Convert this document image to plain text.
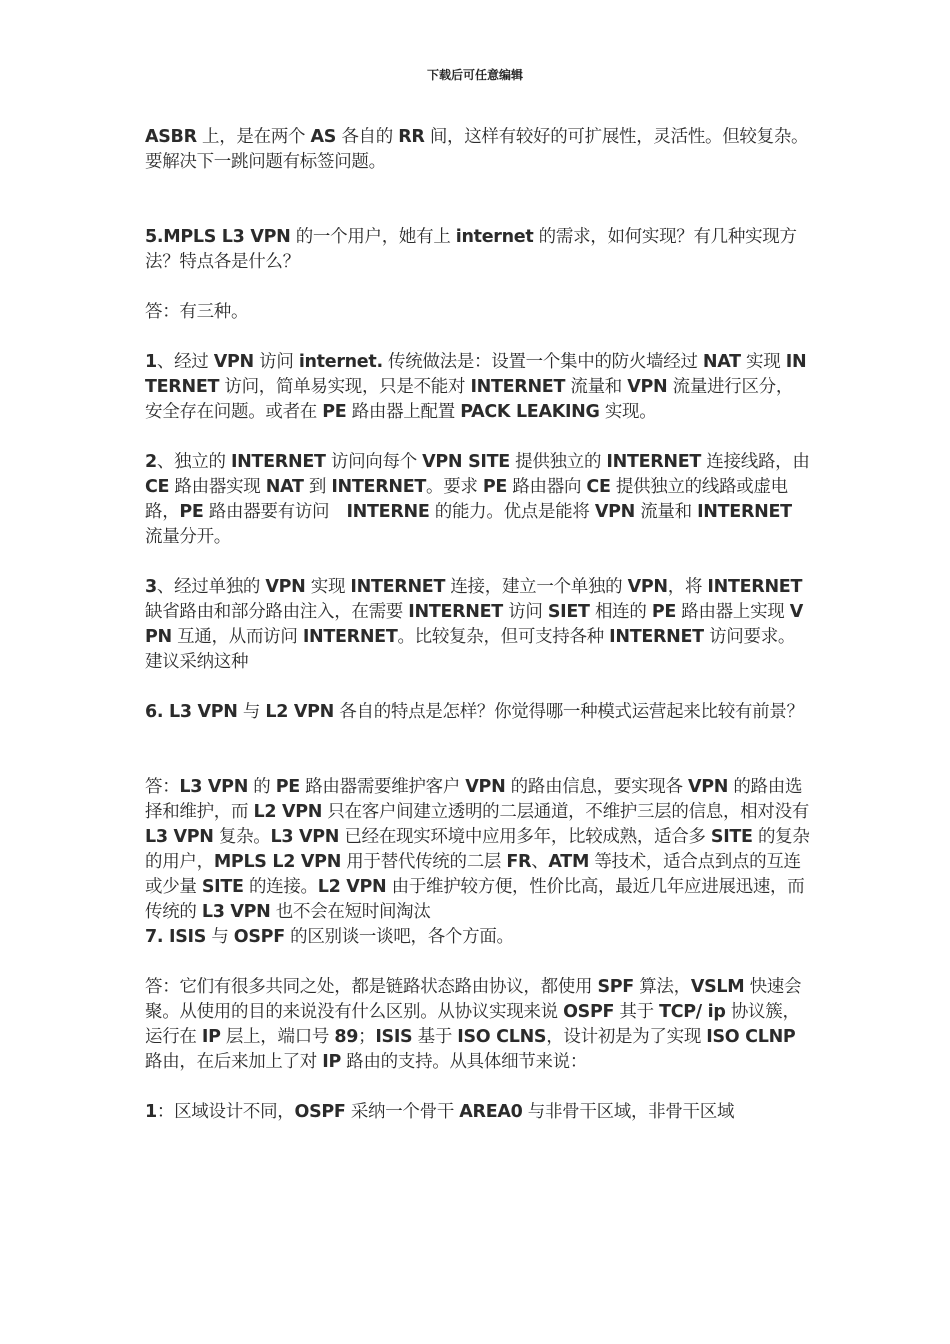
下载后可任意编辑

ASBR 上，是在两个 AS 各自的 RR 间，这样有较好的可扩展性，灵活性。但较复杂。要解决下一跳问题有标签问题。

5.MPLS L3 VPN 的一个用户，她有上 internet 的需求，如何实现？有几种实现方法？特点各是什么？

答：有三种。

1、经过 VPN 访问 internet. 传统做法是：设置一个集中的防火墙经过 NAT 实现 INTERNET 访问，简单易实现，只是不能对 INTERNET 流量和 VPN 流量进行区分，安全存在问题。或者在 PE 路由器上配置 PACK LEAKING 实现。

2、独立的 INTERNET 访问向每个 VPN SITE 提供独立的 INTERNET 连接线路，由 CE 路由器实现 NAT 到 INTERNET。要求 PE 路由器向 CE 提供独立的线路或虚电路，PE 路由器要有访问　INTERNE 的能力。优点是能将 VPN 流量和 INTERNET 流量分开。

3、经过单独的 VPN 实现 INTERNET 连接，建立一个单独的 VPN，将 INTERNET 缺省路由和部分路由注入，在需要 INTERNET 访问 SIET 相连的 PE 路由器上实现 VPN 互通，从而访问 INTERNET。比较复杂，但可支持各种 INTERNET 访问要求。建议采纳这种

6. L3 VPN 与 L2 VPN 各自的特点是怎样？你觉得哪一种模式运营起来比较有前景？

答：L3 VPN 的 PE 路由器需要维护客户 VPN 的路由信息，要实现各 VPN 的路由选择和维护，而 L2 VPN 只在客户间建立透明的二层通道，不维护三层的信息，相对没有 L3 VPN 复杂。L3 VPN 已经在现实环境中应用多年，比较成熟，适合多 SITE 的复杂的用户，MPLS L2 VPN 用于替代传统的二层 FR、ATM 等技术，适合点到点的互连或少量 SITE 的连接。L2 VPN 由于维护较方便，性价比高，最近几年应进展迅速，而传统的 L3 VPN 也不会在短时间淘汰

7. ISIS 与 OSPF 的区别谈一谈吧，各个方面。

答：它们有很多共同之处，都是链路状态路由协议，都使用 SPF 算法，VSLM 快速会聚。从使用的目的来说没有什么区别。从协议实现来说 OSPF 其于 TCP/ ip 协议簇，运行在 IP 层上，端口号 89；ISIS 基于 ISO CLNS，设计初是为了实现 ISO CLNP 路由，在后来加上了对 IP 路由的支持。从具体细节来说：

1：区域设计不同，OSPF 采纳一个骨干 AREA0 与非骨干区域，非骨干区域
